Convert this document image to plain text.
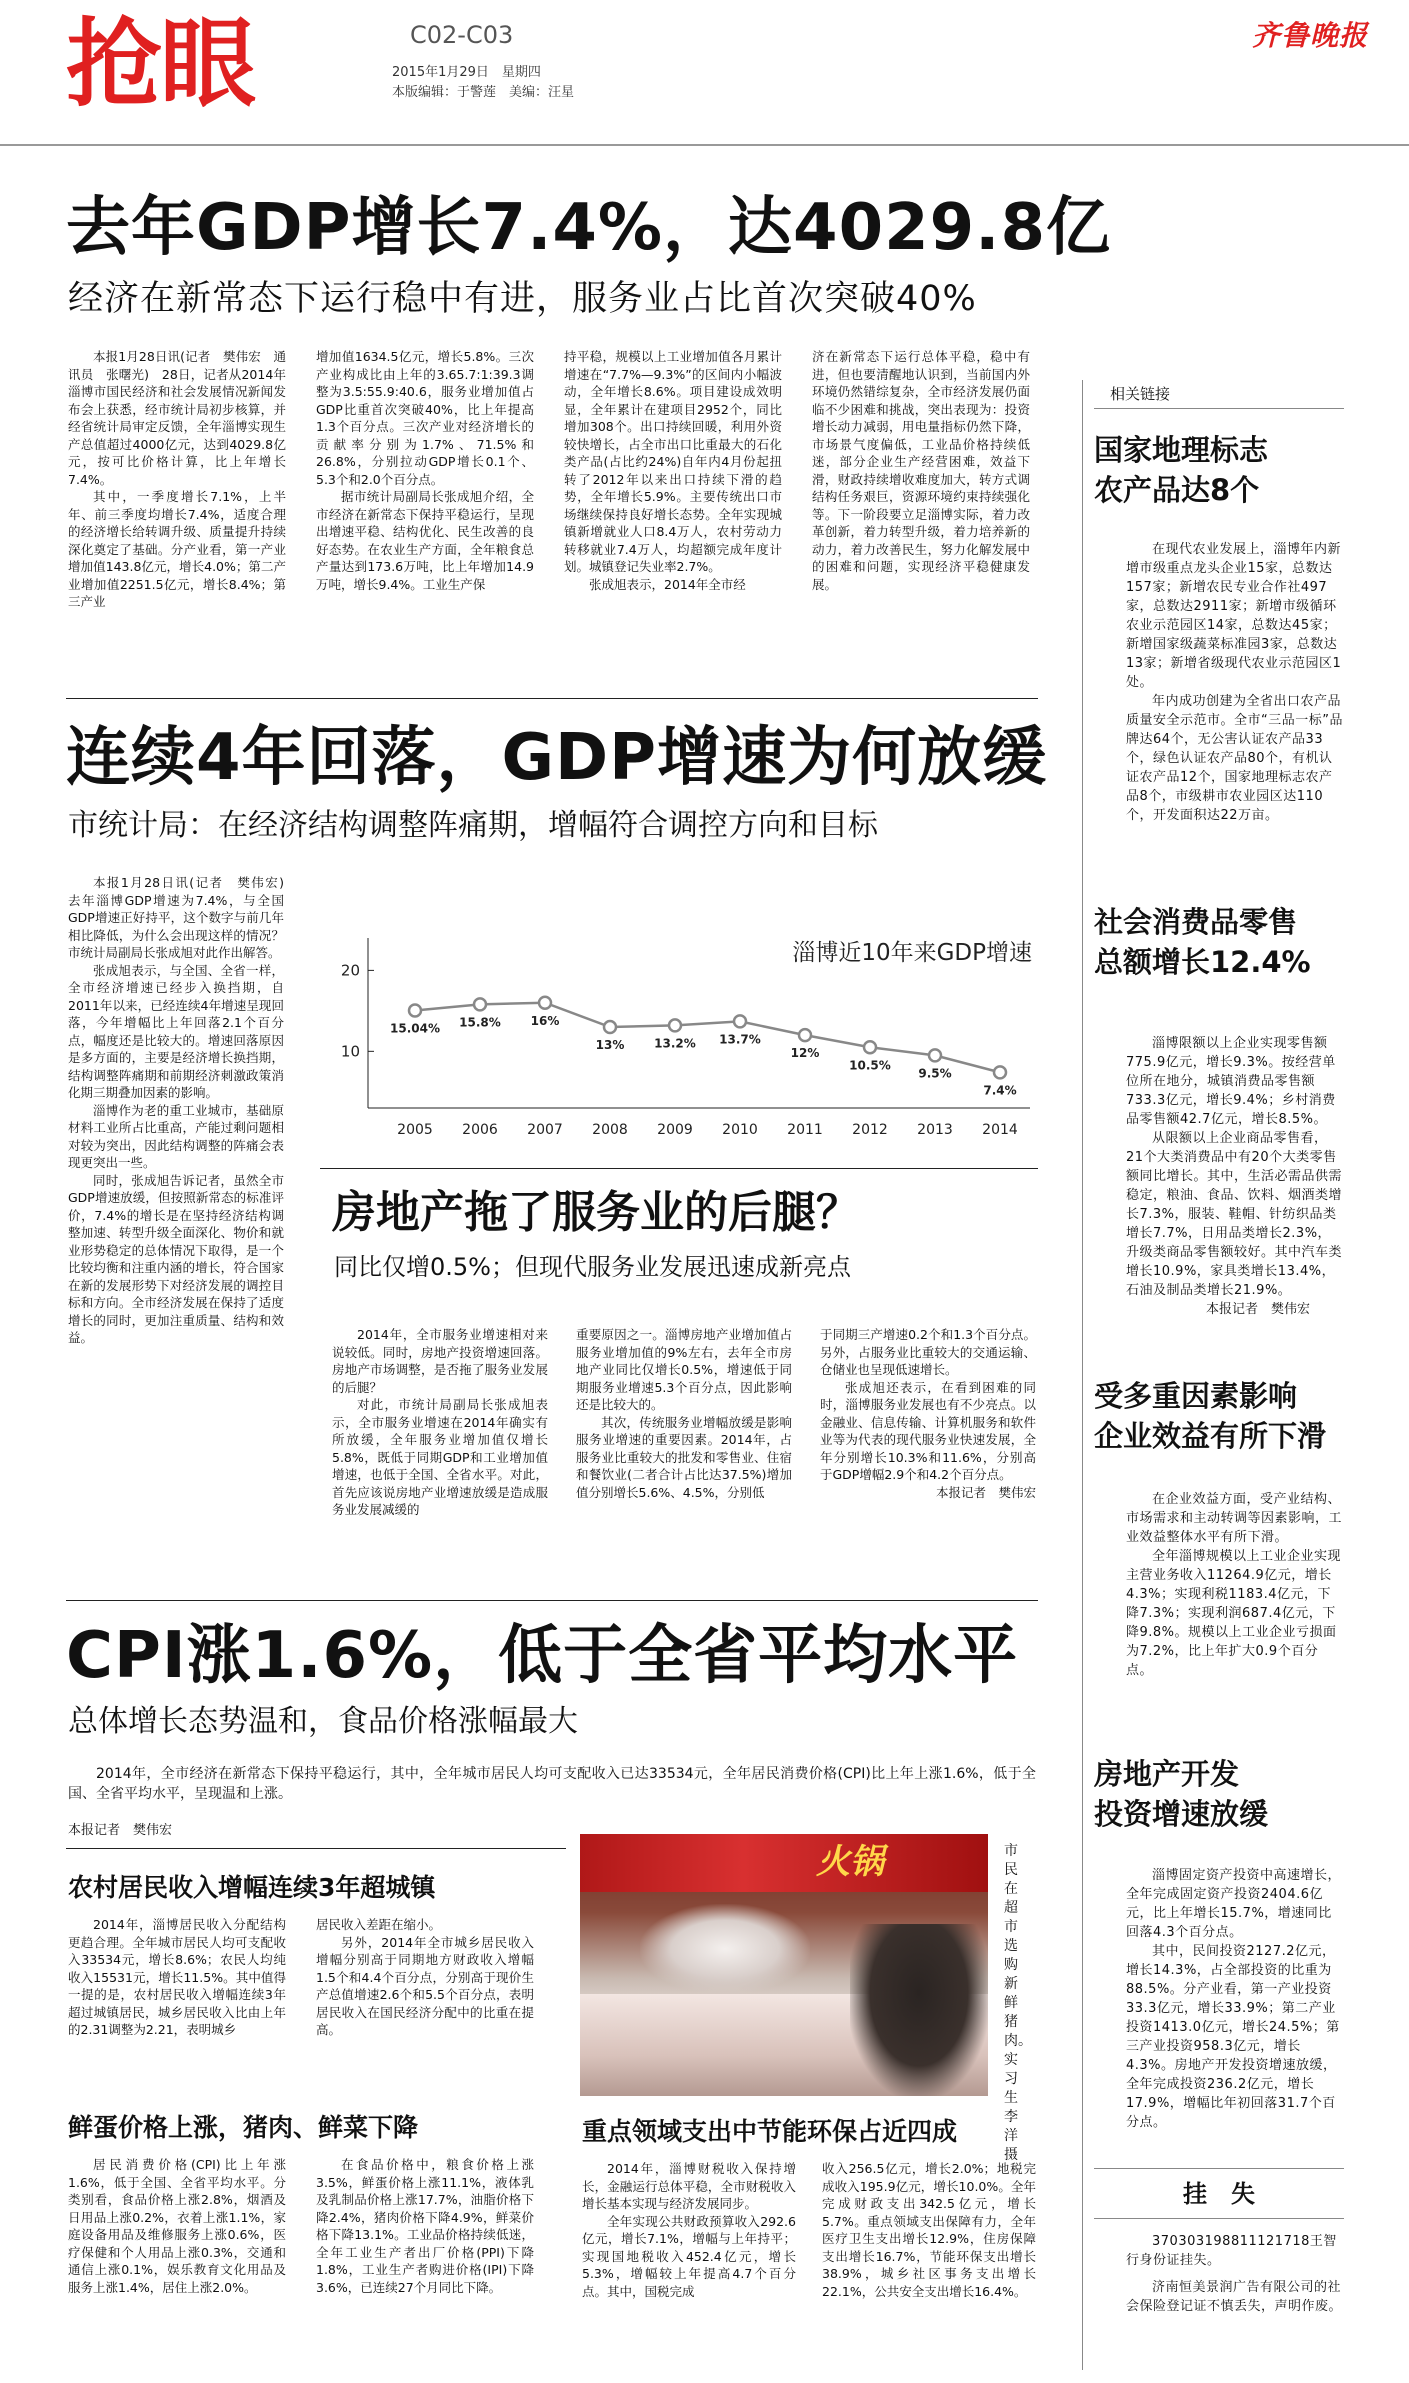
抢眼	C02-C03
2015年1月29日　星期四
本版编辑：于警莲　美编：汪星
齐鲁晚报
去年GDP增长7.4%，达4029.8亿
经济在新常态下运行稳中有进，服务业占比首次突破40%

本报1月28日讯(记者　樊伟宏　通讯员　张曙光)　28日，记者从2014年淄博市国民经济和社会发展情况新闻发布会上获悉，经市统计局初步核算，并经省统计局审定反馈，全年淄博实现生产总值超过4000亿元，达到4029.8亿元，按可比价格计算，比上年增长7.4%。

其中，一季度增长7.1%，上半年、前三季度均增长7.4%，适度合理的经济增长给转调升级、质量提升持续深化奠定了基础。分产业看，第一产业增加值143.8亿元，增长4.0%；第二产业增加值2251.5亿元，增长8.4%；第三产业

增加值1634.5亿元，增长5.8%。三次产业构成比由上年的3.65.7:1:39.3调整为3.5:55.9:40.6，服务业增加值占GDP比重首次突破40%，比上年提高1.3个百分点。三次产业对经济增长的贡献率分别为1.7%、71.5%和26.8%，分别拉动GDP增长0.1个、5.3个和2.0个百分点。

据市统计局副局长张成旭介绍，全市经济在新常态下保持平稳运行，呈现出增速平稳、结构优化、民生改善的良好态势。在农业生产方面，全年粮食总产量达到173.6万吨，比上年增加14.9万吨，增长9.4%。工业生产保

持平稳，规模以上工业增加值各月累计增速在“7.7%—9.3%”的区间内小幅波动，全年增长8.6%。项目建设成效明显，全年累计在建项目2952个，同比增加308个。出口持续回暖，利用外资较快增长，占全市出口比重最大的石化类产品(占比约24%)自年内4月份起扭转了2012年以来出口持续下滑的趋势，全年增长5.9%。主要传统出口市场继续保持良好增长态势。全年实现城镇新增就业人口8.4万人，农村劳动力转移就业7.4万人，均超额完成年度计划。城镇登记失业率2.7%。

张成旭表示，2014年全市经

济在新常态下运行总体平稳，稳中有进，但也要清醒地认识到，当前国内外环境仍然错综复杂，全市经济发展仍面临不少困难和挑战，突出表现为：投资增长动力减弱，用电量指标仍然下降，市场景气度偏低，工业品价格持续低迷，部分企业生产经营困难，效益下滑，财政持续增收难度加大，转方式调结构任务艰巨，资源环境约束持续强化等。下一阶段要立足淄博实际，着力改革创新，着力转型升级，着力培养新的动力，着力改善民生，努力化解发展中的困难和问题，实现经济平稳健康发展。

连续4年回落，GDP增速为何放缓
市统计局：在经济结构调整阵痛期，增幅符合调控方向和目标

本报1月28日讯(记者　樊伟宏)　去年淄博GDP增速为7.4%，与全国GDP增速正好持平，这个数字与前几年相比降低，为什么会出现这样的情况？市统计局副局长张成旭对此作出解答。

张成旭表示，与全国、全省一样，全市经济增速已经步入换挡期，自2011年以来，已经连续4年增速呈现回落，今年增幅比上年回落2.1个百分点，幅度还是比较大的。增速回落原因是多方面的，主要是经济增长换挡期，结构调整阵痛期和前期经济刺激政策消化期三期叠加因素的影响。

淄博作为老的重工业城市，基础原材料工业所占比重高，产能过剩问题相对较为突出，因此结构调整的阵痛会表现更突出一些。

同时，张成旭告诉记者，虽然全市GDP增速放缓，但按照新常态的标准评价，7.4%的增长是在坚持经济结构调整加速、转型升级全面深化、物价和就业形势稳定的总体情况下取得，是一个比较均衡和注重内涵的增长，符合国家在新的发展形势下对经济发展的调控目标和方向。全市经济发展在保持了适度增长的同时，更加注重质量、结构和效益。

淄博近10年来GDP增速
10
20
15.04%
2005
15.8%
2006
16%
2007
13%
2008
13.2%
2009
13.7%
2010
12%
2011
10.5%
2012
9.5%
2013
7.4%
2014
房地产拖了服务业的后腿？
同比仅增0.5%；但现代服务业发展迅速成新亮点

2014年，全市服务业增速相对来说较低。同时，房地产投资增速回落。房地产市场调整，是否拖了服务业发展的后腿？

对此，市统计局副局长张成旭表示，全市服务业增速在2014年确实有所放缓，全年服务业增加值仅增长5.8%，既低于同期GDP和工业增加值增速，也低于全国、全省水平。对此，首先应该说房地产业增速放缓是造成服务业发展减缓的

重要原因之一。淄博房地产业增加值占服务业增加值的9%左右，去年全市房地产业同比仅增长0.5%，增速低于同期服务业增速5.3个百分点，因此影响还是比较大的。

其次，传统服务业增幅放缓是影响服务业增速的重要因素。2014年，占服务业比重较大的批发和零售业、住宿和餐饮业(二者合计占比达37.5%)增加值分别增长5.6%、4.5%，分别低

于同期三产增速0.2个和1.3个百分点。另外，占服务业比重较大的交通运输、仓储业也呈现低速增长。

张成旭还表示，在看到困难的同时，淄博服务业发展也有不少亮点。以金融业、信息传输、计算机服务和软件业等为代表的现代服务业快速发展，全年分别增长10.3%和11.6%，分别高于GDP增幅2.9个和4.2个百分点。

本报记者　樊伟宏
CPI涨1.6%，低于全省平均水平
总体增长态势温和，食品价格涨幅最大

2014年，全市经济在新常态下保持平稳运行，其中，全年城市居民人均可支配收入已达33534元，全年居民消费价格(CPI)比上年上涨1.6%，低于全国、全省平均水平，呈现温和上涨。

本报记者　樊伟宏
农村居民收入增幅连续3年超城镇

2014年，淄博居民收入分配结构更趋合理。全年城市居民人均可支配收入33534元，增长8.6%；农民人均纯收入15531元，增长11.5%。其中值得一提的是，农村居民收入增幅连续3年超过城镇居民，城乡居民收入比由上年的2.31调整为2.21，表明城乡

居民收入差距在缩小。

另外，2014年全市城乡居民收入增幅分别高于同期地方财政收入增幅1.5个和4.4个百分点，分别高于现价生产总值增速2.6个和5.5个百分点，表明居民收入在国民经济分配中的比重在提高。

鲜蛋价格上涨，猪肉、鲜菜下降

居民消费价格(CPI)比上年涨1.6%，低于全国、全省平均水平。分类别看，食品价格上涨2.8%，烟酒及日用品上涨0.2%，衣着上涨1.1%，家庭设备用品及维修服务上涨0.6%，医疗保健和个人用品上涨0.3%，交通和通信上涨0.1%，娱乐教育文化用品及服务上涨1.4%，居住上涨2.0%。

在食品价格中，粮食价格上涨3.5%，鲜蛋价格上涨11.1%，液体乳及乳制品价格上涨17.7%，油脂价格下降2.4%，猪肉价格下降4.9%，鲜菜价格下降13.1%。工业品价格持续低迷，全年工业生产者出厂价格(PPI)下降1.8%，工业生产者购进价格(IPI)下降3.6%，已连续27个月同比下降。

火锅	市民在超市选购新鲜猪肉。　实习生　李洋　摄
重点领域支出中节能环保占近四成

2014年，淄博财税收入保持增长，金融运行总体平稳，全市财税收入增长基本实现与经济发展同步。

全年实现公共财政预算收入292.6亿元，增长7.1%，增幅与上年持平；实现国地税收入452.4亿元，增长5.3%，增幅较上年提高4.7个百分点。其中，国税完成

收入256.5亿元，增长2.0%；地税完成收入195.9亿元，增长10.0%。全年完成财政支出342.5亿元，增长5.7%。重点领域支出保障有力，全年医疗卫生支出增长12.9%，住房保障支出增长16.7%，节能环保支出增长38.9%，城乡社区事务支出增长22.1%，公共安全支出增长16.4%。

相关链接
国家地理标志
农产品达8个

在现代农业发展上，淄博年内新增市级重点龙头企业15家，总数达157家；新增农民专业合作社497家，总数达2911家；新增市级循环农业示范园区14家，总数达45家；新增国家级蔬菜标准园3家，总数达13家；新增省级现代农业示范园区1处。

年内成功创建为全省出口农产品质量安全示范市。全市“三品一标”品牌达64个，无公害认证农产品33个，绿色认证农产品80个，有机认证农产品12个，国家地理标志农产品8个，市级耕市农业园区达110个，开发面积达22万亩。

社会消费品零售
总额增长12.4%

淄博限额以上企业实现零售额775.9亿元，增长9.3%。按经营单位所在地分，城镇消费品零售额733.3亿元，增长9.4%；乡村消费品零售额42.7亿元，增长8.5%。

从限额以上企业商品零售看，21个大类消费品中有20个大类零售额同比增长。其中，生活必需品供需稳定，粮油、食品、饮料、烟酒类增长7.3%，服装、鞋帽、针纺织品类增长7.7%，日用品类增长2.3%，升级类商品零售额较好。其中汽车类增长10.9%，家具类增长13.4%，石油及制品类增长21.9%。

本报记者　樊伟宏
受多重因素影响
企业效益有所下滑

在企业效益方面，受产业结构、市场需求和主动转调等因素影响，工业效益整体水平有所下滑。

全年淄博规模以上工业企业实现主营业务收入11264.9亿元，增长4.3%；实现利税1183.4亿元，下降7.3%；实现利润687.4亿元，下降9.8%。规模以上工业企业亏损面为7.2%，比上年扩大0.9个百分点。

房地产开发
投资增速放缓

淄博固定资产投资中高速增长，全年完成固定资产投资2404.6亿元，比上年增长15.7%，增速同比回落4.3个百分点。

其中，民间投资2127.2亿元，增长14.3%，占全部投资的比重为88.5%。分产业看，第一产业投资33.3亿元，增长33.9%；第二产业投资1413.0亿元，增长24.5%；第三产业投资958.3亿元，增长4.3%。房地产开发投资增速放缓，全年完成投资236.2亿元，增长17.9%，增幅比年初回落31.7个百分点。

挂　失

370303198811121718王智行身份证挂失。

济南恒美景润广告有限公司的社会保险登记证不慎丢失，声明作废。
